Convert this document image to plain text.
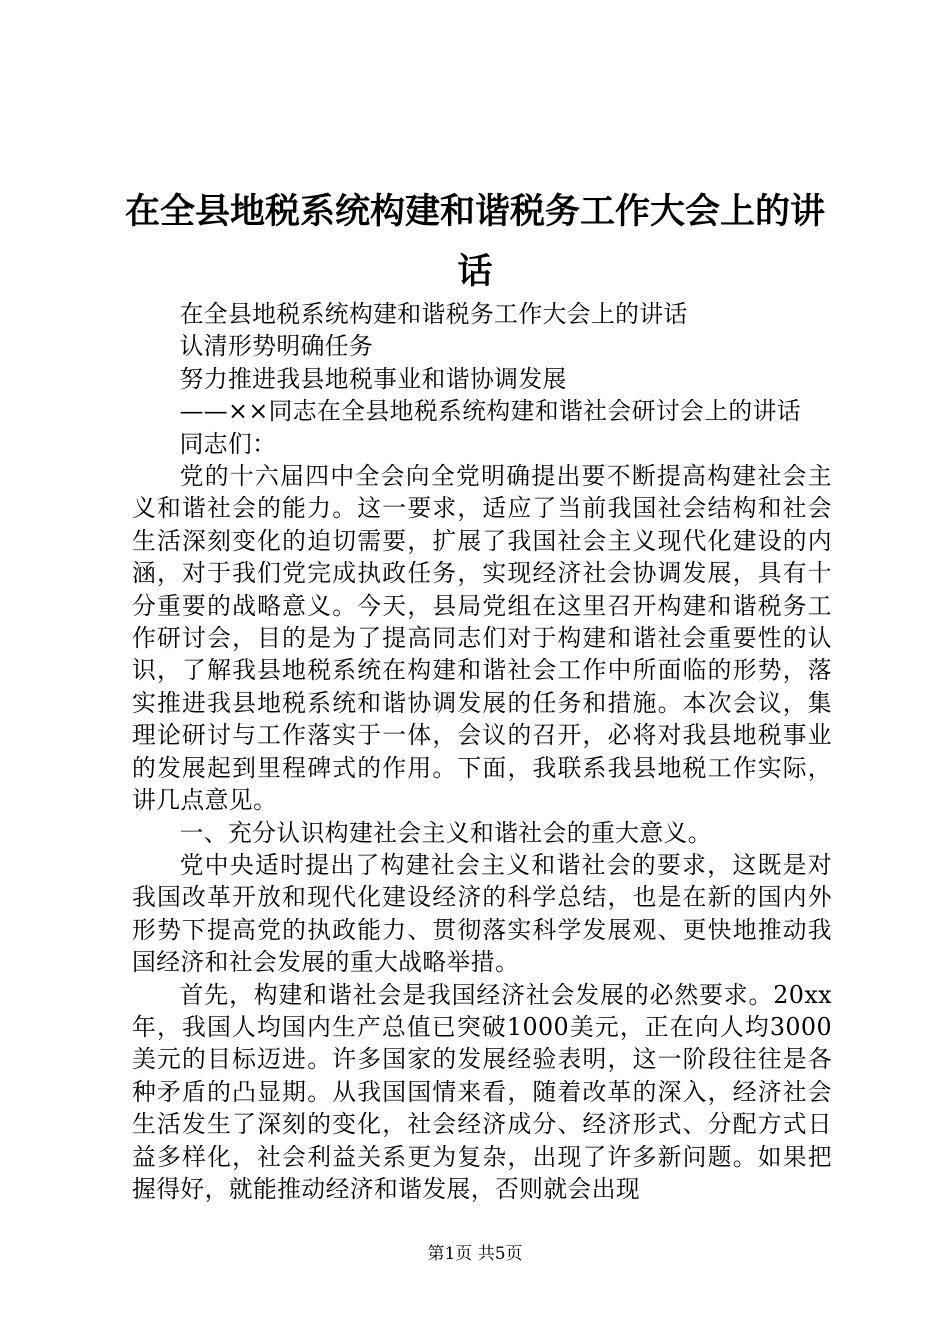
在全县地税系统构建和谐税务工作大会上的讲话

在全县地税系统构建和谐税务工作大会上的讲话

认清形势明确任务

努力推进我县地税事业和谐协调发展

——××同志在全县地税系统构建和谐社会研讨会上的讲话

同志们：

党的十六届四中全会向全党明确提出要不断提高构建社会主义和谐社会的能力。这一要求，适应了当前我国社会结构和社会生活深刻变化的迫切需要，扩展了我国社会主义现代化建设的内涵，对于我们党完成执政任务，实现经济社会协调发展，具有十分重要的战略意义。今天，县局党组在这里召开构建和谐税务工作研讨会，目的是为了提高同志们对于构建和谐社会重要性的认识，了解我县地税系统在构建和谐社会工作中所面临的形势，落实推进我县地税系统和谐协调发展的任务和措施。本次会议，集理论研讨与工作落实于一体，会议的召开，必将对我县地税事业的发展起到里程碑式的作用。下面，我联系我县地税工作实际，讲几点意见。

一、充分认识构建社会主义和谐社会的重大意义。

党中央适时提出了构建社会主义和谐社会的要求，这既是对我国改革开放和现代化建设经济的科学总结，也是在新的国内外形势下提高党的执政能力、贯彻落实科学发展观、更快地推动我国经济和社会发展的重大战略举措。

首先，构建和谐社会是我国经济社会发展的必然要求。20xx年，我国人均国内生产总值已突破1000美元，正在向人均3000美元的目标迈进。许多国家的发展经验表明，这一阶段往往是各种矛盾的凸显期。从我国国情来看，随着改革的深入，经济社会生活发生了深刻的变化，社会经济成分、经济形式、分配方式日益多样化，社会利益关系更为复杂，出现了许多新问题。如果把握得好，就能推动经济和谐发展，否则就会出现

第1页 共5页
